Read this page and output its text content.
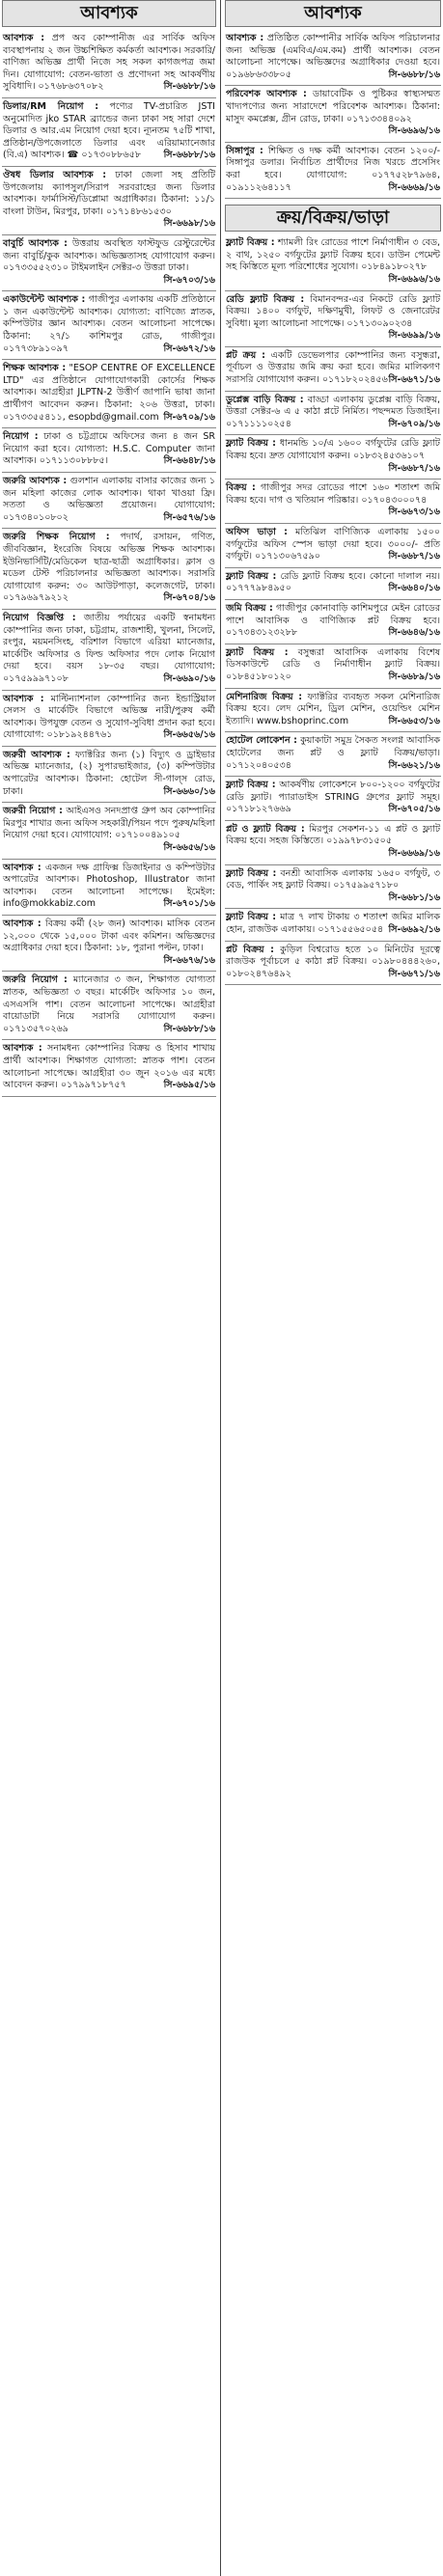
আবশ্যক
আবশ্যক : প্রপ অব কোম্পানীজ এর সার্বিক অফিস ব্যবস্থাপনায় ২ জন উচ্চশিক্ষিত কর্মকর্তা আবশ্যক। সরকারি/বাণিজ্য অভিজ্ঞ প্রার্থী নিজে সহ সকল কাগজপত্র জমা দিন। যোগাযোগ: বেতন-ভাতা ও প্রণোদনা সহ আকর্ষণীয় সুবিধাদি। ০১৭৬৮৬৩৭০৮২	সি-৬৬৮৮/১৬
ডিলার/RM নিয়োগ : পণ্যের TV-প্রচারিত JSTI অনুমোদিত jko STAR ব্র্যান্ডের জন্য ঢাকা সহ সারা দেশে ডিলার ও আর.এম নিয়োগ দেয়া হবে। ন্যূনতম ৭৫টি শাখা, প্রতিষ্ঠান/উপজেলাতে ডিলার এবং এরিয়াম্যানেজার (বি.এ) আবশ্যক। ☎ ০১৭৩০৮৮৬৫৮ সি-৬৬৮৮/১৬
ঔষধ ডিলার আবশ্যক : ঢাকা জেলা সহ প্রতিটি উপজেলায় ক্যাপসুল/সিরাপ সরবরাহের জন্য ডিলার আবশ্যক। ফার্মাসিস্ট/ডিপ্লোমা অগ্রাধিকার। ঠিকানা: ১১/১ বাংলা টাউন, মিরপুর, ঢাকা। ০১৭১৪৮৬১৫৩০
সি-৬৬৯৮/১৬
বাবুর্চি আবশ্যক : উত্তরায় অবস্থিত ফাস্টফুড রেস্টুরেন্টের জন্য বাবুর্চি/কুক আবশ্যক। অভিজ্ঞতাসহ যোগাযোগ করুন। ০১৭৩৩৫৫২৩১০ টাইমলাইন সেক্টর-৩ উত্তরা ঢাকা।
সি-৬৭০৩/১৬
একাউন্টেন্ট আবশ্যক : গাজীপুর এলাকায় একটি প্রতিষ্ঠানে ১ জন একাউন্টেন্ট আবশ্যক। যোগ্যতা: বাণিজ্যে স্নাতক, কম্পিউটার জ্ঞান আবশ্যক। বেতন আলোচনা সাপেক্ষে। ঠিকানা: ২৭/১ কাশিমপুর রোড, গাজীপুর। ০১৭৭৩৮৯১০৯৭	সি-৬৬৭২/১৬
শিক্ষক আবশ্যক : "ESOP CENTRE OF EXCELLENCE LTD" এর প্রতিষ্ঠানে যোগাযোগকারী কোর্সের শিক্ষক আবশ্যক। আগ্রহীরা JLPTN-2 উত্তীর্ণ জাপানি ভাষা জানা প্রার্থীগণ আবেদন করুন। ঠিকানা: ২০৬ উত্তরা, ঢাকা। ০১৭৩৩৫৫৪১১, esopbd@gmail.com সি-৬৭০৯/১৬
নিয়োগ : ঢাকা ও চট্টগ্রামে অফিসের জন্য ৪ জন SR নিয়োগ করা হবে। যোগ্যতা: H.S.C. Computer জানা আবশ্যক। ০১৭১১৩০৮৮৮৫।	সি-৬৬৪৮/১৬
জরুরি আবশ্যক : গুলশান এলাকায় বাসার কাজের জন্য ১ জন মহিলা কাজের লোক আবশ্যক। থাকা খাওয়া ফ্রি। সততা ও অভিজ্ঞতা প্রয়োজন। যোগাযোগ: ০১৭৩৪০১০৮০২	সি-৬৫৭৬/১৬
জরুরি শিক্ষক নিয়োগ : পদার্থ, রসায়ন, গণিত, জীববিজ্ঞান, ইংরেজি বিষয়ে অভিজ্ঞ শিক্ষক আবশ্যক। ইউনিভার্সিটি/মেডিকেল ছাত্র-ছাত্রী অগ্রাধিকার। ক্লাস ও মডেল টেস্ট পরিচালনার অভিজ্ঞতা আবশ্যক। সরাসরি যোগাযোগ করুন: ৩০ আউটপাড়া, কলেজগেট, ঢাকা। ০১৭৯৬৯৭৯২১২	সি-৬৭০৪/১৬
নিয়োগ বিজ্ঞপ্তি : জাতীয় পর্যায়ের একটি স্বনামধন্য কোম্পানির জন্য ঢাকা, চট্টগ্রাম, রাজশাহী, খুলনা, সিলেট, রংপুর, ময়মনসিংহ, বরিশাল বিভাগে এরিয়া ম্যানেজার, মার্কেটিং অফিসার ও ফিল্ড অফিসার পদে লোক নিয়োগ দেয়া হবে। বয়স ১৮-৩৫ বছর। যোগাযোগ: ০১৭৫৯৯৯৭১০৮	সি-৬৬৯০/১৬
আবশ্যক : মাল্টিন্যাশনাল কোম্পানির জন্য ইন্ডাস্ট্রিয়াল সেলস ও মার্কেটিং বিভাগে অভিজ্ঞ নারী/পুরুষ কর্মী আবশ্যক। উপযুক্ত বেতন ও সুযোগ-সুবিধা প্রদান করা হবে। যোগাযোগ: ০১৮১৯২৪৪৭৬১	সি-৬৬৫৬/১৬
জরুরী আবশ্যক : ফ্যাক্টরির জন্য (১) বিদ্যুৎ ও ড্রাইভার অভিজ্ঞ ম্যানেজার, (২) সুপারভাইজার, (৩) কম্পিউটার অপারেটর আবশ্যক। ঠিকানা: হোটেল সী-গাল্‌স রোড, ঢাকা।	সি-৬৬৬০/১৬
জরুরী নিয়োগ : আইএসও সনদপ্রাপ্ত গ্রুপ অব কোম্পানির মিরপুর শাখার জন্য অফিস সহকারী/পিয়ন পদে পুরুষ/মহিলা নিয়োগ দেয়া হবে। যোগাযোগ: ০১৭১০০৪৯১০৫
সি-৬৬৫৬/১৬
আবশ্যক : একজন দক্ষ গ্রাফিক্স ডিজাইনার ও কম্পিউটার অপারেটর আবশ্যক। Photoshop, Illustrator জানা আবশ্যক। বেতন আলোচনা সাপেক্ষে। ইমেইল: info@mokkabiz.com	সি-৬৭০১/১৬
আবশ্যক : বিক্রয় কর্মী (২৮ জন) আবশ্যক। মাসিক বেতন ১২,০০০ থেকে ১৫,০০০ টাকা এবং কমিশন। অভিজ্ঞদের অগ্রাধিকার দেয়া হবে। ঠিকানা: ১৮, পুরানা পল্টন, ঢাকা।
সি-৬৬৭৬/১৬
জরুরি নিয়োগ : ম্যানেজার ৩ জন, শিক্ষাগত যোগ্যতা স্নাতক, অভিজ্ঞতা ৩ বছর। মার্কেটিং অফিসার ১০ জন, এসএসসি পাশ। বেতন আলোচনা সাপেক্ষে। আগ্রহীরা বায়োডাটা নিয়ে সরাসরি যোগাযোগ করুন। ০১৭১৩৫৭০২৬৯	সি-৬৬৮৮/১৬
আবশ্যক : সনামধন্য কোম্পানির বিক্রয় ও হিসাব শাখায় প্রার্থী আবশ্যক। শিক্ষাগত যোগ্যতা: স্নাতক পাশ। বেতন আলোচনা সাপেক্ষে। আগ্রহীরা ৩০ জুন ২০১৬ এর মধ্যে আবেদন করুন। ০১৭৯৯৭১৮৭৫৭	সি-৬৬৯৫/১৬
আবশ্যক
আবশ্যক : প্রতিষ্ঠিত কোম্পানীর সার্বিক অফিস পরিচালনার জন্য অভিজ্ঞ (এমবিএ/এম.কম) প্রার্থী আবশ্যক। বেতন আলোচনা সাপেক্ষে। অভিজ্ঞদের অগ্রাধিকার দেওয়া হবে। ০১৯৬৮৬৩৩৮০৫	সি-৬৬৮৮/১৬
পরিবেশক আবশ্যক : ডায়াবেটিক ও পুষ্টিকর স্বাস্থ্যসম্মত খাদ্যপণ্যের জন্য সারাদেশে পরিবেশক আবশ্যক। ঠিকানা: মাসুদ কমপ্লেক্স, গ্রীন রোড, ঢাকা। ০১৭১৩৩৪৪০৯২
সি-৬৬৯৬/১৬
সিঙ্গাপুর : শিক্ষিত ও দক্ষ কর্মী আবশ্যক। বেতন ১২০০/- সিঙ্গাপুর ডলার। নির্বাচিত প্রার্থীদের নিজ খরচে প্রসেসিং করা হবে। যোগাযোগ: ০১৭৭৫২৮৭৯৬৪, ০১৯১১২৬৪১১৭	সি-৬৬৬৯/১৬
ক্রয়/বিক্রয়/ভাড়া
ফ্ল্যাট বিক্রয় : শ্যামলী রিং রোডের পাশে নির্মাণাধীন ৩ বেড, ২ বাথ, ১২৫০ বর্গফুটের ফ্ল্যাট বিক্রয় হবে। ডাউন পেমেন্ট সহ কিস্তিতে মূল্য পরিশোধের সুযোগ। ০১৮৪৯১৮০২৭৮
সি-৬৬৯৬/১৬
রেডি ফ্ল্যাট বিক্রয় : বিমানবন্দর-এর নিকটে রেডি ফ্ল্যাট বিক্রয়। ১৪০০ বর্গফুট, দক্ষিণমুখী, লিফট ও জেনারেটর সুবিধা। মূল্য আলোচনা সাপেক্ষে। ০১৭১৩০৯০২৩৪
সি-৬৬৯৯/১৬
প্লট ক্রয় : একটি ডেভেলপার কোম্পানির জন্য বসুন্ধরা, পূর্বাচল ও উত্তরায় জমি ক্রয় করা হবে। জমির মালিকগণ সরাসরি যোগাযোগ করুন। ০১৭১৮২০২৪৫৬ সি-৬৬৭১/১৬
ডুপ্লেক্স বাড়ি বিক্রয় : বাড্ডা এলাকায় ডুপ্লেক্স বাড়ি বিক্রয়, উত্তরা সেক্টর-৬ এ ৫ কাঠা প্লটে নির্মিত। পছন্দমত ডিজাইন। ০১৭১১১১০২৫৪	সি-৬৭০৯/১৬
ফ্ল্যাট বিক্রয় : ধানমন্ডি ১০/এ ১৬০০ বর্গফুটের রেডি ফ্ল্যাট বিক্রয় হবে। দ্রুত যোগাযোগ করুন। ০১৮৩২৪৫৩৬১০৭
সি-৬৬৮৭/১৬
বিক্রয় : গাজীপুর সদর রোডের পাশে ১৬০ শতাংশ জমি বিক্রয় হবে। দাগ ও খতিয়ান পরিষ্কার। ০১৭০৪৩০০০৭৪
সি-৬৬৭৩/১৬
অফিস ভাড়া : মতিঝিল বাণিজ্যিক এলাকায় ১৫০০ বর্গফুটের অফিস স্পেস ভাড়া দেয়া হবে। ৩০০০/- প্রতি বর্গফুট। ০১৭১৩০৬৭৫৯০	সি-৬৬৮৭/১৬
ফ্ল্যাট বিক্রয় : রেডি ফ্ল্যাট বিক্রয় হবে। কোনো দালাল নয়। ০১৭৭৭৯৮৪৯৫০	সি-৬৬৪০/১৬
জমি বিক্রয় : গাজীপুর কোনাবাড়ি কাশিমপুরে মেইন রোডের পাশে আবাসিক ও বাণিজ্যিক প্লট বিক্রয় হবে। ০১৭৩৪৩১২৩২৮৮	সি-৬৬৪৬/১৬
ফ্ল্যাট বিক্রয় : বসুন্ধরা আবাসিক এলাকায় বিশেষ ডিসকাউন্টে রেডি ও নির্মাণাধীন ফ্ল্যাট বিক্রয়। ০১৮৪৫১৮০১২০	সি-৬৬৮৯/১৬
মেশিনারিজ বিক্রয় : ফ্যাক্টরির ব্যবহৃত সকল মেশিনারিজ বিক্রয় হবে। লেদ মেশিন, ড্রিল মেশিন, ওয়েল্ডিং মেশিন ইত্যাদি। www.bshoprinc.com	সি-৬৬৫৩/১৬
হোটেল লোকেশন : কুয়াকাটা সমুদ্র সৈকত সংলগ্ন আবাসিক হোটেলের জন্য প্লট ও ফ্ল্যাট বিক্রয়/ভাড়া। ০১৭১২০৪০৫৩৪	সি-৬৬২১/১৬
ফ্ল্যাট বিক্রয় : আকর্ষণীয় লোকেশনে ৮০০-১২০০ বর্গফুটের রেডি ফ্ল্যাট। প্যারাডাইস STRING গ্রুপের ফ্ল্যাট সমূহ। ০১৭১৮১২৭৬৬৯	সি-৬৭০৫/১৬
প্লট ও ফ্ল্যাট বিক্রয় : মিরপুর সেকশন-১১ এ প্লট ও ফ্ল্যাট বিক্রয় হবে। সহজ কিস্তিতে। ০১৯৯৭৮৩১৫০৫
সি-৬৬৬৯/১৬
ফ্ল্যাট বিক্রয় : বনশ্রী আবাসিক এলাকায় ১৬৫০ বর্গফুট, ৩ বেড, পার্কিং সহ ফ্ল্যাট বিক্রয়। ০১৭৫৯৯৫৭১৮০
সি-৬৬৮১/১৬
ফ্ল্যাট বিক্রয় : মাত্র ৭ লাখ টাকায় ৩ শতাংশ জমির মালিক হোন, রাজউক এলাকায়। ০১৭১৫৫৬৫০৫৪ সি-৬৬৯২/১৬
প্লট বিক্রয় : কুড়িল বিশ্বরোড হতে ১০ মিনিটের দূরত্বে রাজউক পূর্বাচলে ৫ কাঠা প্লট বিক্রয়। ০১৯৮০৪৪৪২৬০, ০১৮০২৪৭৬৪৯২	সি-৬৬৭১/১৬
